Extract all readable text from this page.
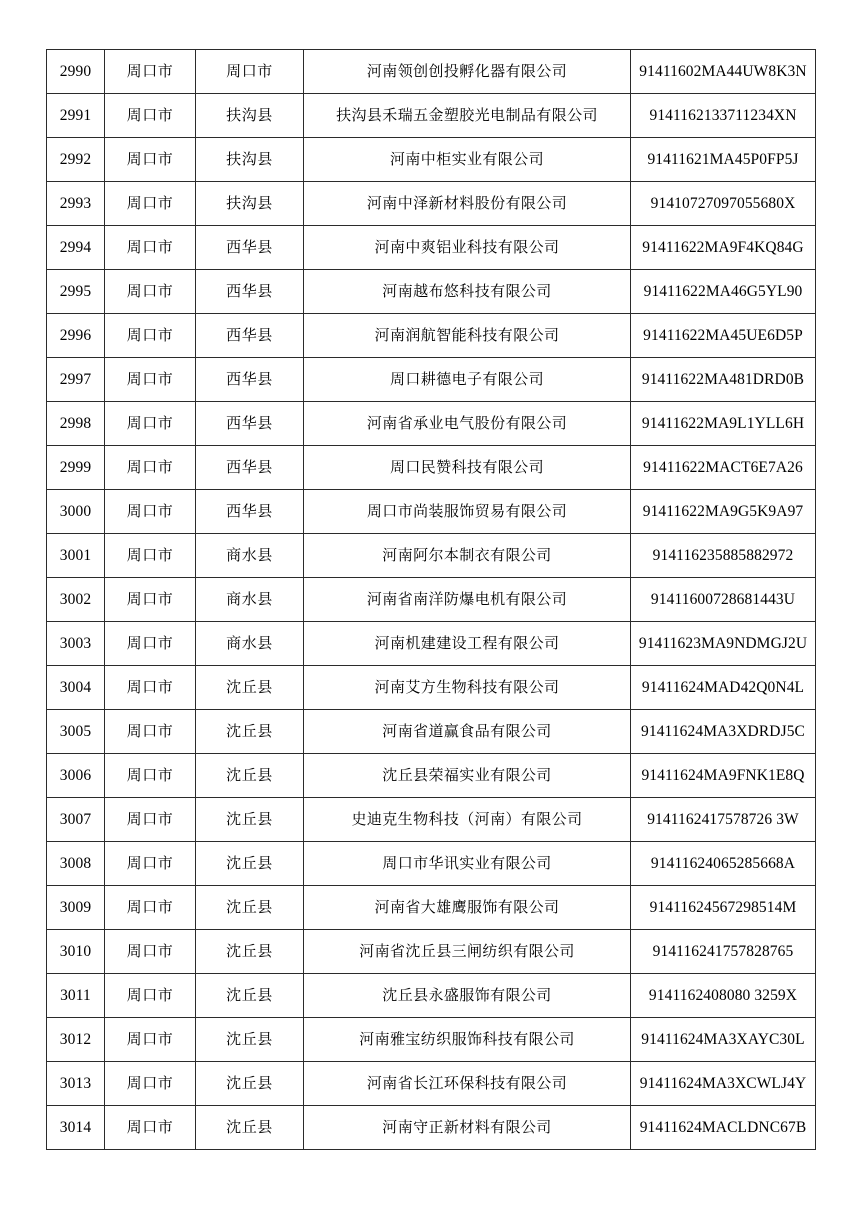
2990	周口市	周口市	河南领创创投孵化器有限公司	91411602MA44UW8K3N
2991	周口市	扶沟县	扶沟县禾瑞五金塑胶光电制品有限公司	9141162133711234XN
2992	周口市	扶沟县	河南中柜实业有限公司	91411621MA45P0FP5J
2993	周口市	扶沟县	河南中泽新材料股份有限公司	91410727097055680X
2994	周口市	西华县	河南中爽铝业科技有限公司	91411622MA9F4KQ84G
2995	周口市	西华县	河南越布悠科技有限公司	91411622MA46G5YL90
2996	周口市	西华县	河南润航智能科技有限公司	91411622MA45UE6D5P
2997	周口市	西华县	周口耕德电子有限公司	91411622MA481DRD0B
2998	周口市	西华县	河南省承业电气股份有限公司	91411622MA9L1YLL6H
2999	周口市	西华县	周口民赞科技有限公司	91411622MACT6E7A26
3000	周口市	西华县	周口市尚装服饰贸易有限公司	91411622MA9G5K9A97
3001	周口市	商水县	河南阿尔本制衣有限公司	914116235885882972
3002	周口市	商水县	河南省南洋防爆电机有限公司	91411600728681443U
3003	周口市	商水县	河南机建建设工程有限公司	91411623MA9NDMGJ2U
3004	周口市	沈丘县	河南艾方生物科技有限公司	91411624MAD42Q0N4L
3005	周口市	沈丘县	河南省道赢食品有限公司	91411624MA3XDRDJ5C
3006	周口市	沈丘县	沈丘县荣福实业有限公司	91411624MA9FNK1E8Q
3007	周口市	沈丘县	史迪克生物科技（河南）有限公司	9141162417578726 3W
3008	周口市	沈丘县	周口市华讯实业有限公司	91411624065285668A
3009	周口市	沈丘县	河南省大雄鹰服饰有限公司	91411624567298514M
3010	周口市	沈丘县	河南省沈丘县三闸纺织有限公司	914116241757828765
3011	周口市	沈丘县	沈丘县永盛服饰有限公司	9141162408080 3259X
3012	周口市	沈丘县	河南雅宝纺织服饰科技有限公司	91411624MA3XAYC30L
3013	周口市	沈丘县	河南省长江环保科技有限公司	91411624MA3XCWLJ4Y
3014	周口市	沈丘县	河南守正新材料有限公司	91411624MACLDNC67B
